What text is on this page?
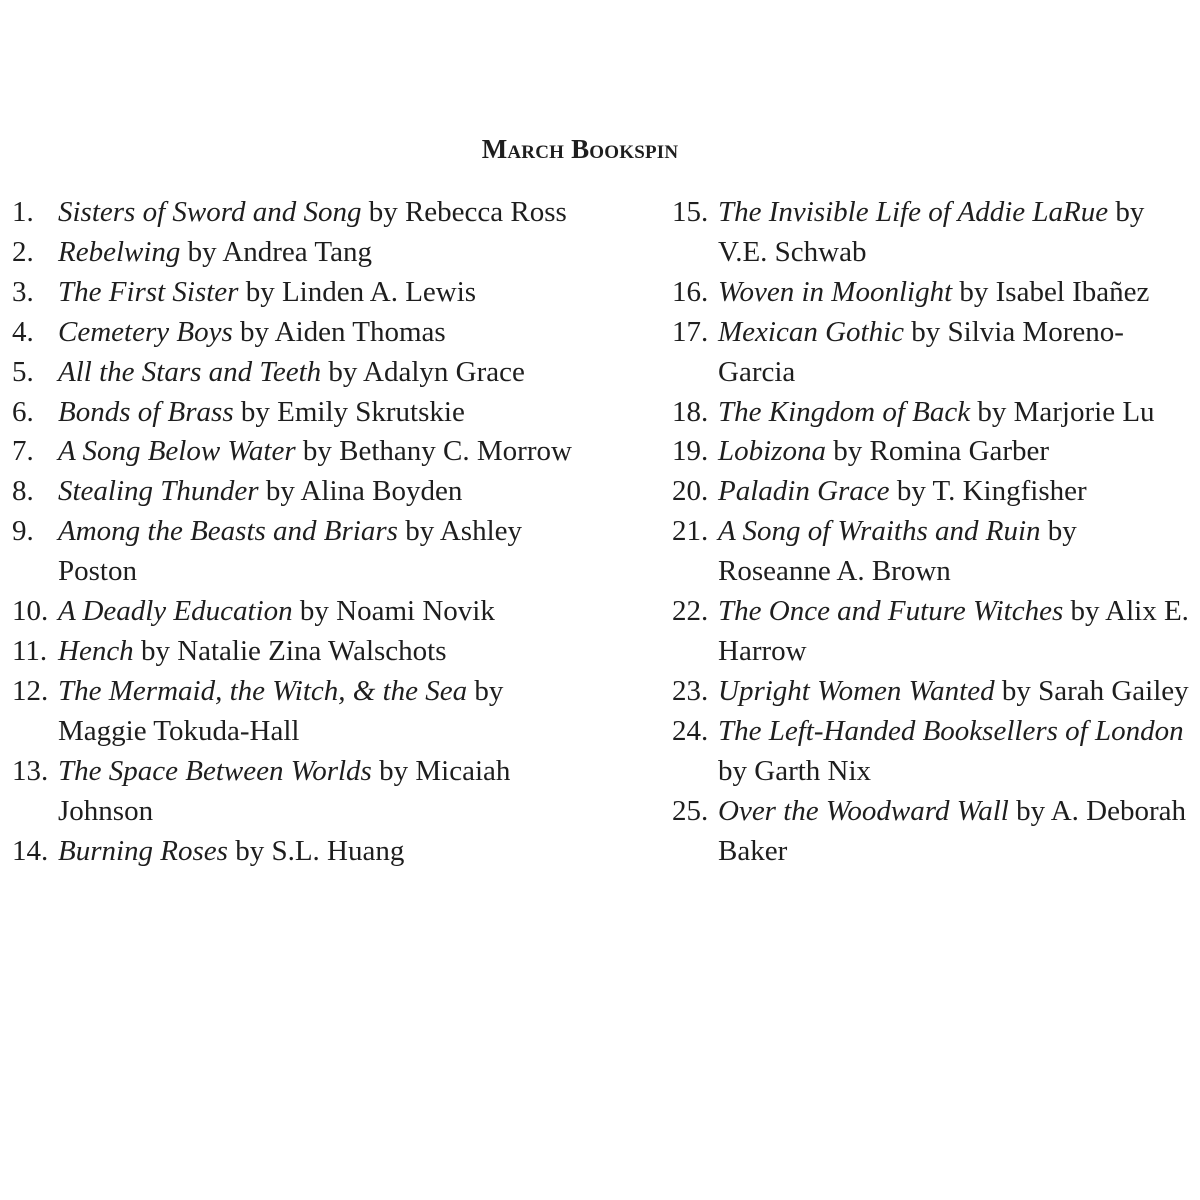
March Bookspin
1. Sisters of Sword and Song by Rebecca Ross
2. Rebelwing by Andrea Tang
3. The First Sister by Linden A. Lewis
4. Cemetery Boys by Aiden Thomas
5. All the Stars and Teeth by Adalyn Grace
6. Bonds of Brass by Emily Skrutskie
7. A Song Below Water by Bethany C. Morrow
8. Stealing Thunder by Alina Boyden
9. Among the Beasts and Briars by Ashley Poston
10. A Deadly Education by Noami Novik
11. Hench by Natalie Zina Walschots
12. The Mermaid, the Witch, & the Sea by Maggie Tokuda-Hall
13. The Space Between Worlds by Micaiah Johnson
14. Burning Roses by S.L. Huang
15. The Invisible Life of Addie LaRue by V.E. Schwab
16. Woven in Moonlight by Isabel Ibañez
17. Mexican Gothic by Silvia Moreno-Garcia
18. The Kingdom of Back by Marjorie Lu
19. Lobizona by Romina Garber
20. Paladin Grace by T. Kingfisher
21. A Song of Wraiths and Ruin by Roseanne A. Brown
22. The Once and Future Witches by Alix E. Harrow
23. Upright Women Wanted by Sarah Gailey
24. The Left-Handed Booksellers of London by Garth Nix
25. Over the Woodward Wall by A. Deborah Baker
